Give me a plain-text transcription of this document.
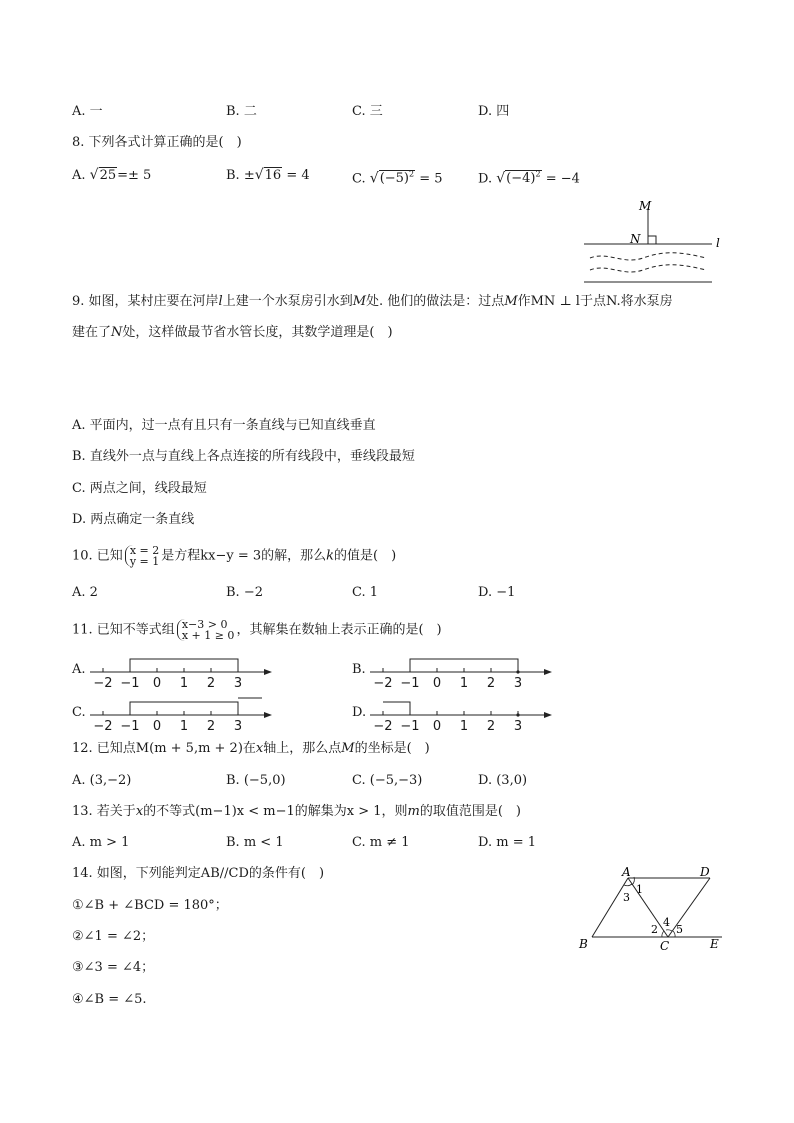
A. 一	B. 二	C. 三	D. 四
8. 下列各式计算正确的是(　)
A. √25=± 5	B. ±√16 = 4	C. $√(-5)^2 = 5$	D. $√(-4)^2 = -4$
M
N	l
9. 如图，某村庄要在河岸l上建一个水泵房引水到M处. 他们的做法是：过点M作MN ⊥ l于点N.将水泵房
建在了N处，这样做最节省水管长度，其数学道理是(　)
A. 平面内，过一点有且只有一条直线与已知直线垂直
B. 直线外一点与直线上各点连接的所有线段中，垂线段最短
C. 两点之间，线段最短
D. 两点确定一条直线
10. 已知 x = 2
y = 1 是方程kx−y = 3的解，那么k的值是(　)
A. 2	B. −2	C. 1	D. −1
11. 已知不等式组 x−3 > 0
x + 1 ≥ 0 ，其解集在数轴上表示正确的是(　)
A.
−2 −1 0 1 2 3
B.
−2 −1 0 1 2 3
C.
−2 −1 0 1 2 3
D.
−2 −1 0 1 2 3
12. 已知点M(m + 5,m + 2)在x轴上，那么点M的坐标是(　)
A. (3,−2)	B. (−5,0)	C. (−5,−3)	D. (3,0)
13. 若关于x的不等式(m−1)x < m−1的解集为x > 1，则m的取值范围是(　)
A. m > 1	B. m < 1	C. m ≠ 1	D. m = 1
14. 如图，下列能判定AB//CD的条件有(　)
①∠B + ∠BCD = 180°；
②∠1 = ∠2；
③∠3 = ∠4；
④∠B = ∠5.
A	D
B	C	E
1
2
3
4
5
